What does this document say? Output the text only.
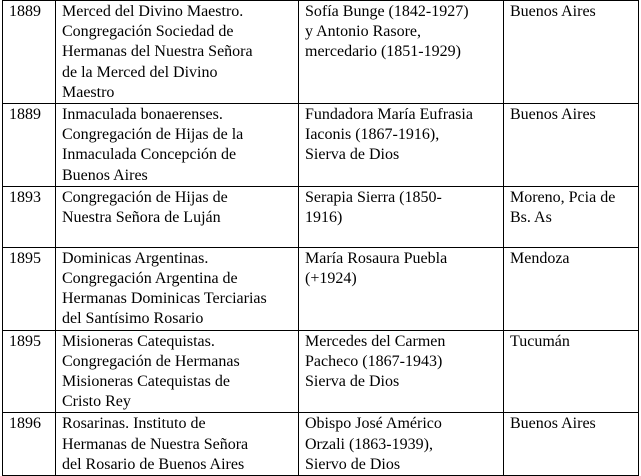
1889	Merced del Divino Maestro.
Congregación Sociedad de
Hermanas del Nuestra Señora
de la Merced del Divino
Maestro	Sofía Bunge (1842-1927)
y Antonio Rasore,
mercedario (1851-1929)	Buenos Aires
1889	Inmaculada bonaerenses.
Congregación de Hijas de la
Inmaculada Concepción de
Buenos Aires	Fundadora María Eufrasia
Iaconis (1867-1916),
Sierva de Dios	Buenos Aires
1893	Congregación de Hijas de
Nuestra Señora de Luján	Serapia Sierra (1850-
1916)	Moreno, Pcia de
Bs. As
1895	Dominicas Argentinas.
Congregación Argentina de
Hermanas Dominicas Terciarias
del Santísimo Rosario	María Rosaura Puebla
(+1924)	Mendoza
1895	Misioneras Catequistas.
Congregación de Hermanas
Misioneras Catequistas de
Cristo Rey	Mercedes del Carmen
Pacheco (1867-1943)
Sierva de Dios	Tucumán
1896	Rosarinas. Instituto de
Hermanas de Nuestra Señora
del Rosario de Buenos Aires	Obispo José Américo
Orzali (1863-1939),
Siervo de Dios	Buenos Aires
